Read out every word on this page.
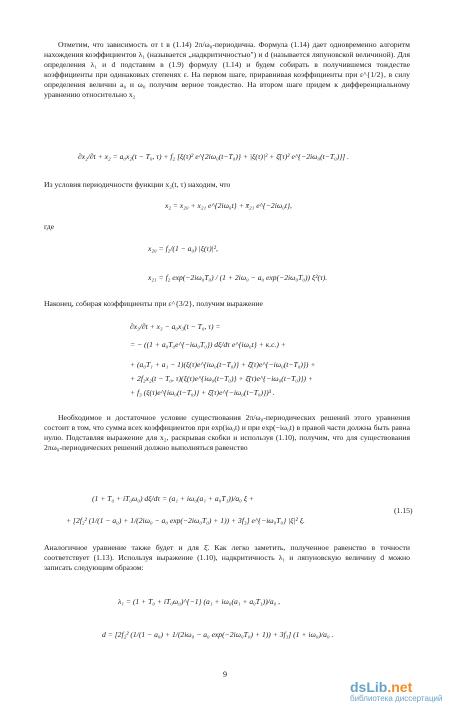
Отметим, что зависимость от t в (1.14) 2π/ω₀-периодична. Формула (1.14) дает одновременно алгоритм нахождения коэффициентов λ₁ (называется „надкритичностью") и d (называется ляпуновской величиной). Для определения λ₁ и d подставим в (1.9) формулу (1.14) и будем собирать в получившемся тождестве коэффициенты при одинаковых степенях ε. На первом шаге, приравнивая коэффициенты при ε^{1/2}, в силу определения величин a₀ и ω₀ получим верное тождество. На втором шаге придем к дифференциальному уравнению относительно x₂

∂x₂/∂t + x₂ = a₀x₂(t − T₀, τ) + f₂ [ξ(τ)² e^{2iω₀(t−T₀)} + |ξ(τ)|² + ξ̄(τ)² e^{−2iω₀(t−T₀)}] .

Из условия периодичности функции x₂(t, τ) находим, что

x₂ = x₂₀ + x₂₁ e^{2iω₀t} + x̄₂₁ e^{−2iω₀t},

где

x₂₀ = f₂/(1 − a₀) |ξ(τ)|²,

x₂₁ = f₂ exp(−2iω₀T₀) / (1 + 2iω₀ − a₀ exp(−2iω₀T₀)) ξ²(τ).

Наконец, собирая коэффициенты при ε^{3/2}, получим выражение

∂x₃/∂t + x₃ − a₀x₃(t − T₀, τ) =

= − ((1 + a₀T₀e^{−iω₀T₀}) dξ/dτ e^{iω₀t} + к.с.) +

+ (a₀T₁ + a₁ − 1)(ξ(τ)e^{iω₀(t−T₀)} + ξ̄(τ)e^{−iω₀(t−T₀)}) +

+ 2f₂x₂(t − T₀, τ)(ξ(τ)e^{iω₀(t−T₀)} + ξ̄(τ)e^{−iω₀(t−T₀)}) +

+ f₃ (ξ(τ)e^{iω₀(t−T₀)} + ξ̄(τ)e^{−iω₀(t−T₀)})³ .

Необходимое и достаточное условие существования 2π/ω₀-периодических решений этого уравнения состоит в том, что сумма всех коэффициентов при exp(iω₀t) и при exp(−iω₀t) в правой части должна быть равна нулю. Подставляя выражение для x₂, раскрывая скобки и используя (1.10), получим, что для существования 2πω₀-периодических решений должно выполняться равенство

(1 + T₀ + iT₀ω₀) dξ/dτ = (a₁ + iω₀(a₁ + a₀T₁))/a₀ ξ +

+ [2f₂² (1/(1 − a₀) + 1/(2iω₀ − a₀ exp(−2iω₀T₀) + 1)) + 3f₃] e^{−iω₀T₀} |ξ|² ξ.

(1.15)

Аналогичное уравнение также будет и для ξ̄. Как легко заметить, полученное равенство в точности соответствует (1.13). Используя выражение (1.10), надкритичность λ₁ и ляпуновскую величину d можно записать следующим образом:

λ₁ = (1 + T₀ + iT₀ω₀)^{−1} (a₁ + iω₀(a₁ + a₀T₁))/a₀ ,

d = [2f₂² (1/(1 − a₀) + 1/(2iω₀ − a₀ exp(−2iω₀T₀) + 1)) + 3f₃] (1 + iω₀)/a₀ .

9
dsLib.net
библиотека диссертаций
